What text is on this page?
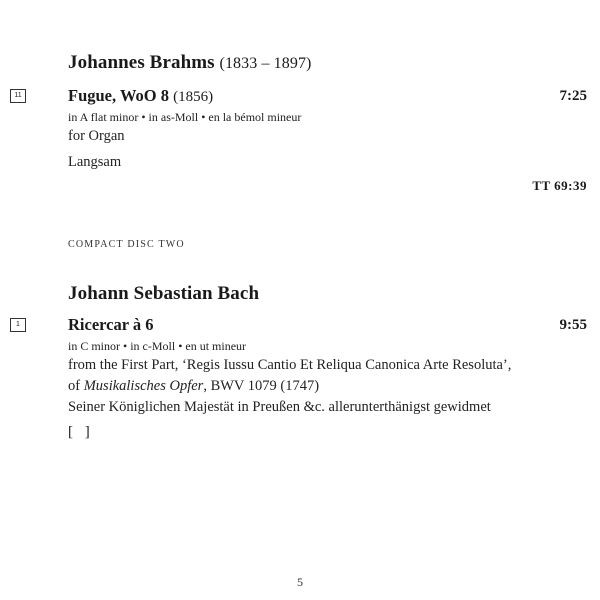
Johannes Brahms (1833 – 1897)
11	Fugue, WoO 8 (1856)	7:25
in A flat minor • in as-Moll • en la bémol mineur
for Organ
Langsam
TT 69:39
COMPACT DISC TWO
Johann Sebastian Bach
1	Ricercar à 6	9:55
in C minor • in c-Moll • en ut mineur
from the First Part, ‘Regis Iussu Cantio Et Reliqua Canonica Arte Resoluta’,
of Musikalisches Opfer, BWV 1079 (1747)
Seiner Königlichen Majestät in Preußen &c. allerunterthänigst gewidmet
[ ]
5
